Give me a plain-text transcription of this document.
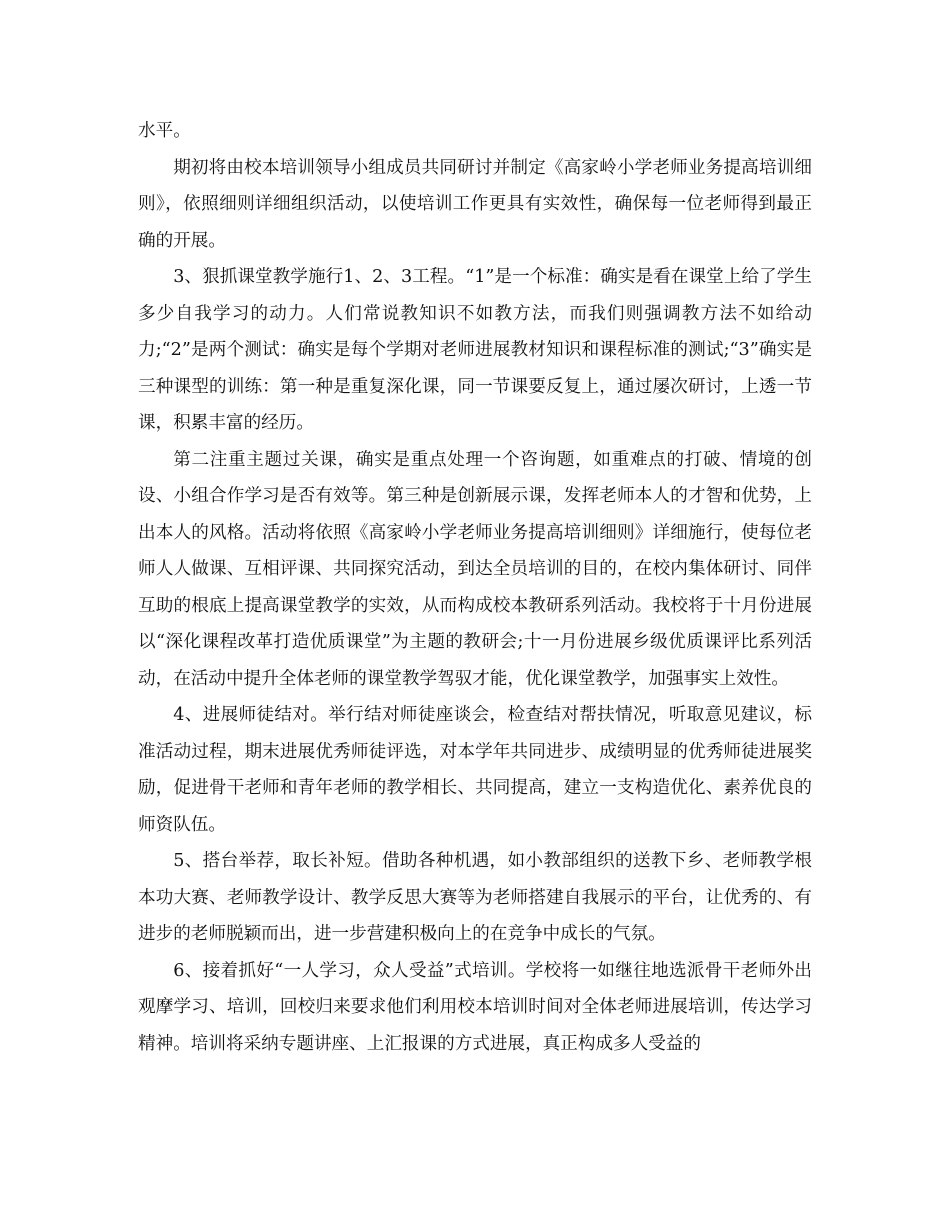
水平。

期初将由校本培训领导小组成员共同研讨并制定《高家岭小学老师业务提高培训细则》，依照细则详细组织活动，以使培训工作更具有实效性，确保每一位老师得到最正确的开展。

3、狠抓课堂教学施行1、2、3工程。“1”是一个标准：确实是看在课堂上给了学生多少自我学习的动力。人们常说教知识不如教方法，而我们则强调教方法不如给动力;“2”是两个测试：确实是每个学期对老师进展教材知识和课程标准的测试;“3”确实是三种课型的训练：第一种是重复深化课，同一节课要反复上，通过屡次研讨，上透一节课，积累丰富的经历。

第二注重主题过关课，确实是重点处理一个咨询题，如重难点的打破、情境的创设、小组合作学习是否有效等。第三种是创新展示课，发挥老师本人的才智和优势，上出本人的风格。活动将依照《高家岭小学老师业务提高培训细则》详细施行，使每位老师人人做课、互相评课、共同探究活动，到达全员培训的目的，在校内集体研讨、同伴互助的根底上提高课堂教学的实效，从而构成校本教研系列活动。我校将于十月份进展以“深化课程改革打造优质课堂”为主题的教研会;十一月份进展乡级优质课评比系列活动，在活动中提升全体老师的课堂教学驾驭才能，优化课堂教学，加强事实上效性。

4、进展师徒结对。举行结对师徒座谈会，检查结对帮扶情况，听取意见建议，标准活动过程，期末进展优秀师徒评选，对本学年共同进步、成绩明显的优秀师徒进展奖励，促进骨干老师和青年老师的教学相长、共同提高，建立一支构造优化、素养优良的师资队伍。

5、搭台举荐，取长补短。借助各种机遇，如小教部组织的送教下乡、老师教学根本功大赛、老师教学设计、教学反思大赛等为老师搭建自我展示的平台，让优秀的、有进步的老师脱颖而出，进一步营建积极向上的在竞争中成长的气氛。

6、接着抓好“一人学习，众人受益”式培训。学校将一如继往地选派骨干老师外出观摩学习、培训，回校归来要求他们利用校本培训时间对全体老师进展培训，传达学习精神。培训将采纳专题讲座、上汇报课的方式进展，真正构成多人受益的
